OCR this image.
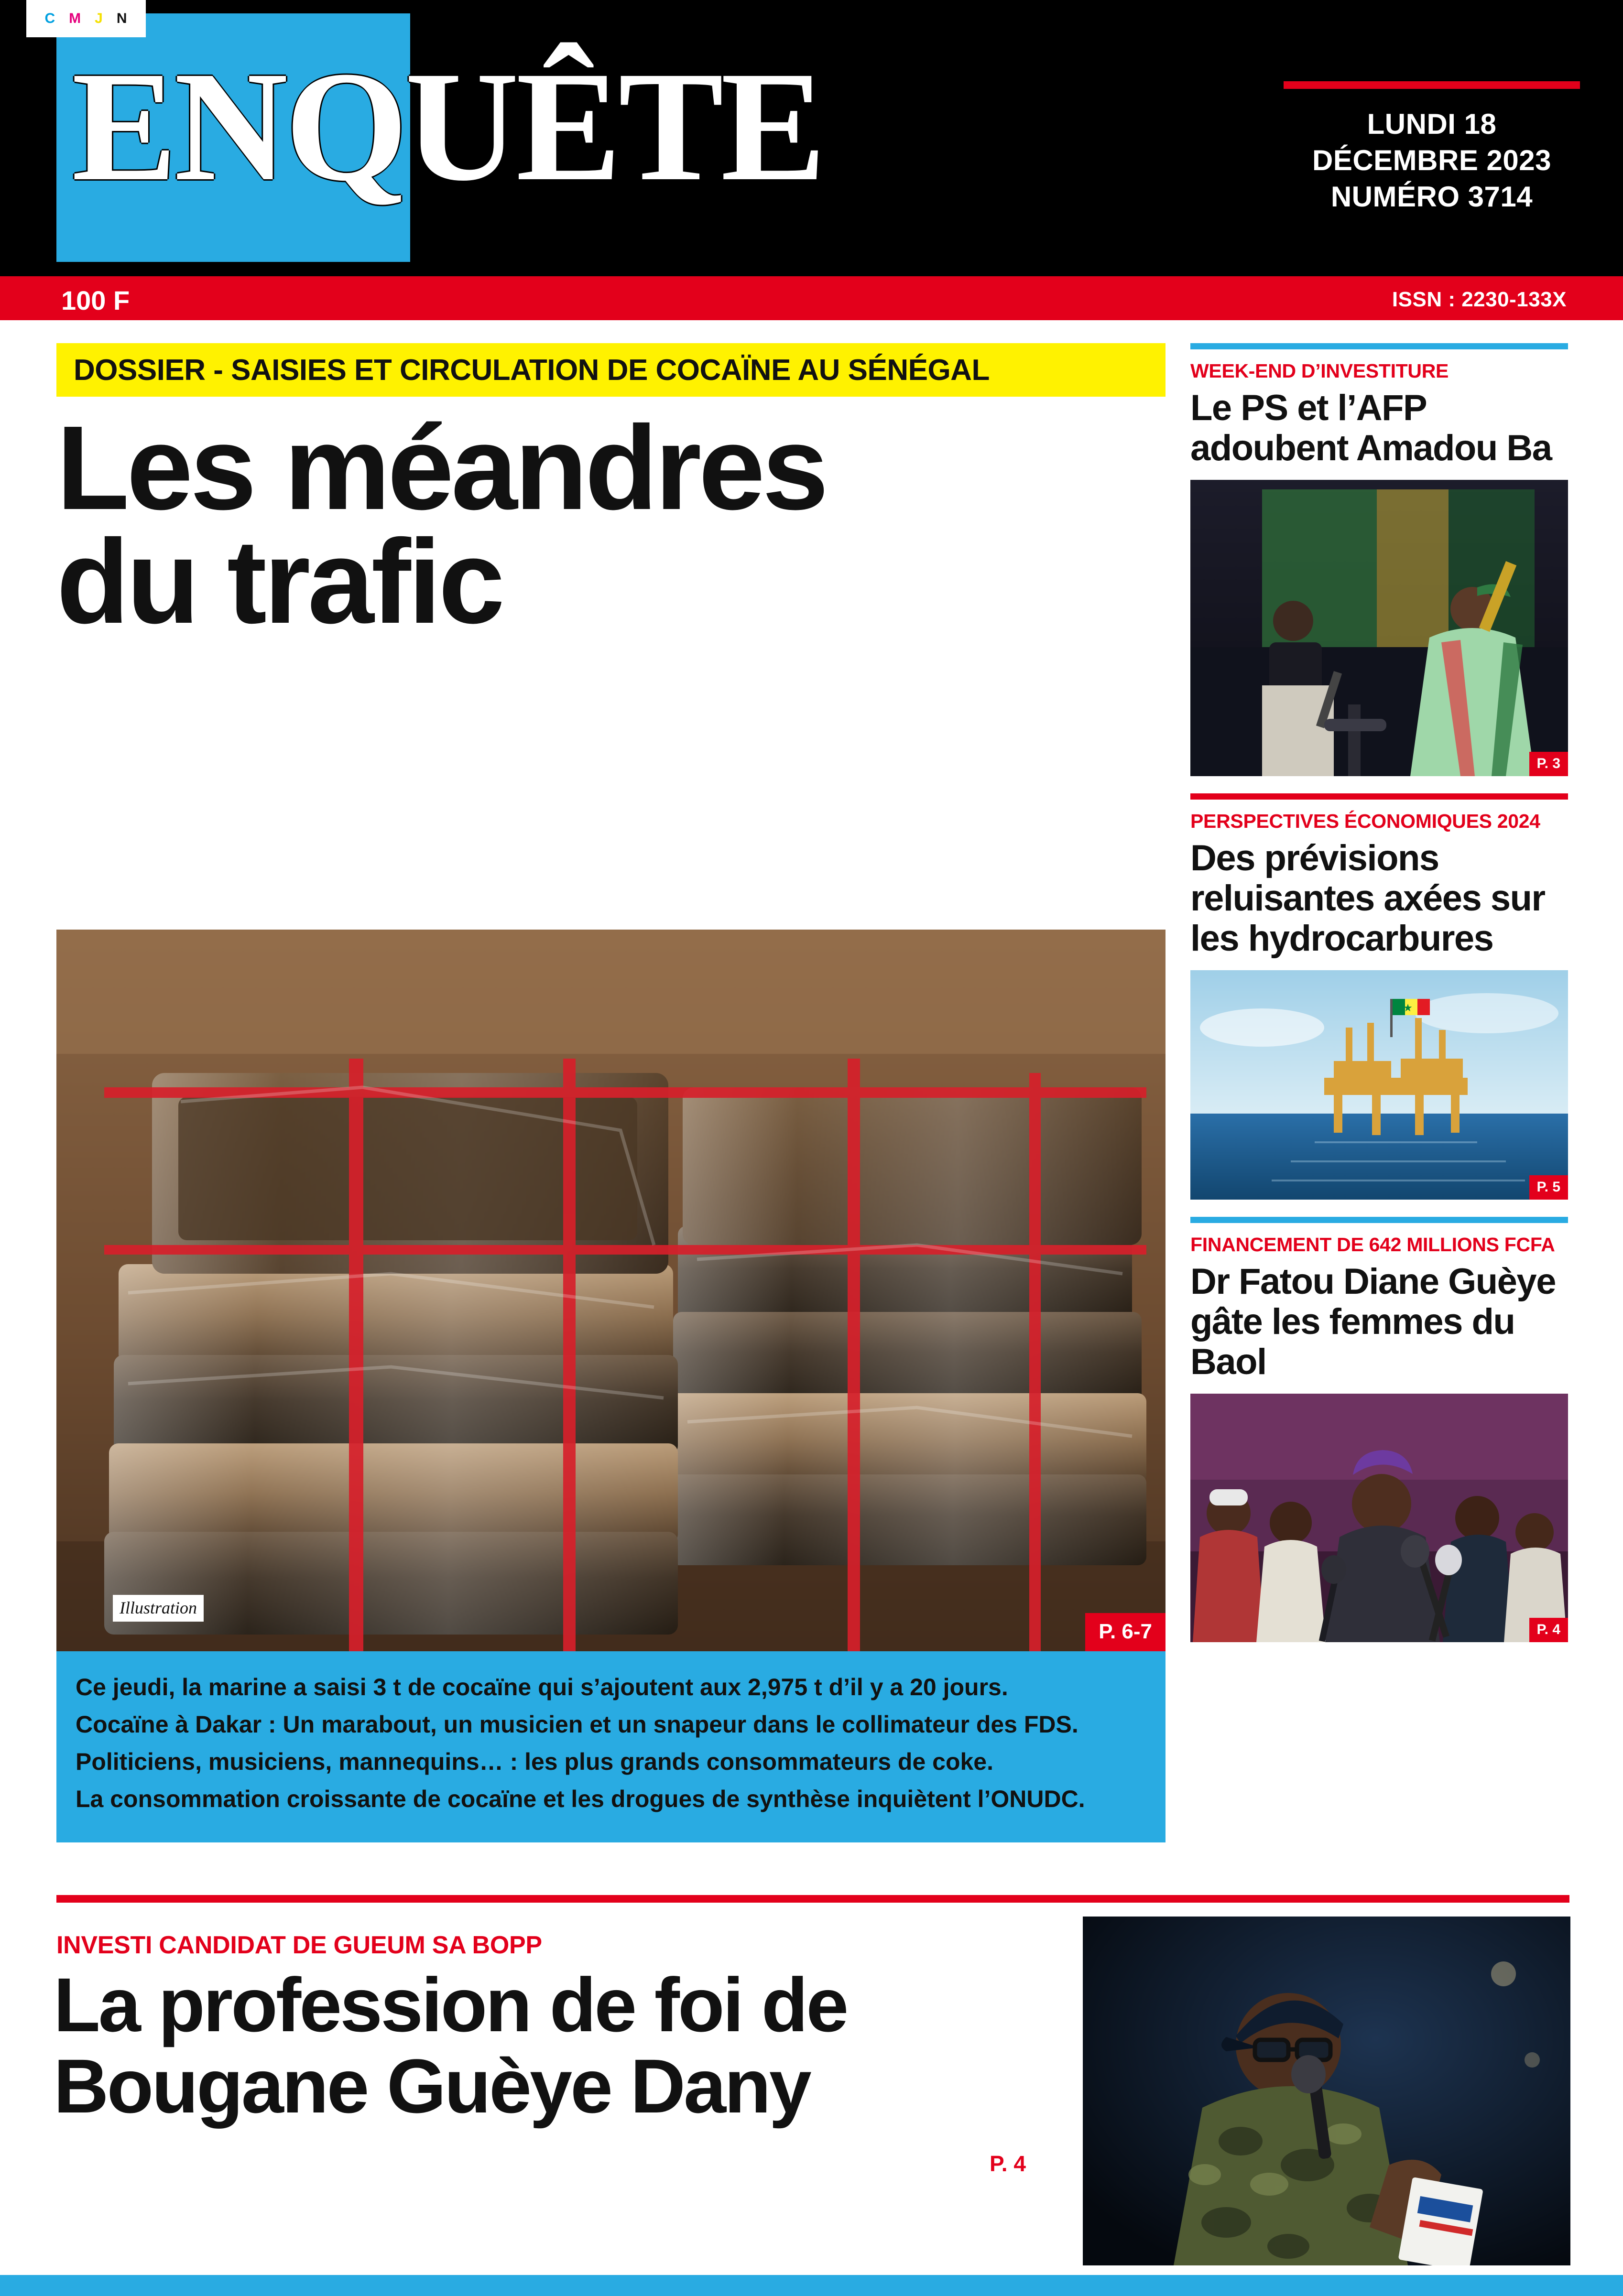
C M J N
ENQUÊTE	LUNDI 18
DÉCEMBRE 2023
NUMÉRO 3714
100 F	ISSN : 2230-133X
DOSSIER - SAISIES ET CIRCULATION DE COCAÏNE AU SÉNÉGAL
Les méandres
du trafic
Illustration
P. 6-7

Ce jeudi, la marine a saisi 3 t de cocaïne qui s’ajoutent aux 2,975 t d’il y a 20 jours.

Cocaïne à Dakar : Un marabout, un musicien et un snapeur dans le collimateur des FDS.

Politiciens, musiciens, mannequins… : les plus grands consommateurs de coke.

La consommation croissante de cocaïne et les drogues de synthèse inquiètent l’ONUDC.

WEEK-END D’INVESTITURE
Le PS et l’AFP adoubent Amadou Ba
P. 3
PERSPECTIVES ÉCONOMIQUES 2024
Des prévisions reluisantes axées sur les hydrocarbures
★
P. 5
FINANCEMENT DE 642 MILLIONS FCFA
Dr Fatou Diane Guèye gâte les femmes du Baol
P. 4
INVESTI CANDIDAT DE GUEUM SA BOPP
La profession de foi de
Bougane Guèye Dany
P. 4
